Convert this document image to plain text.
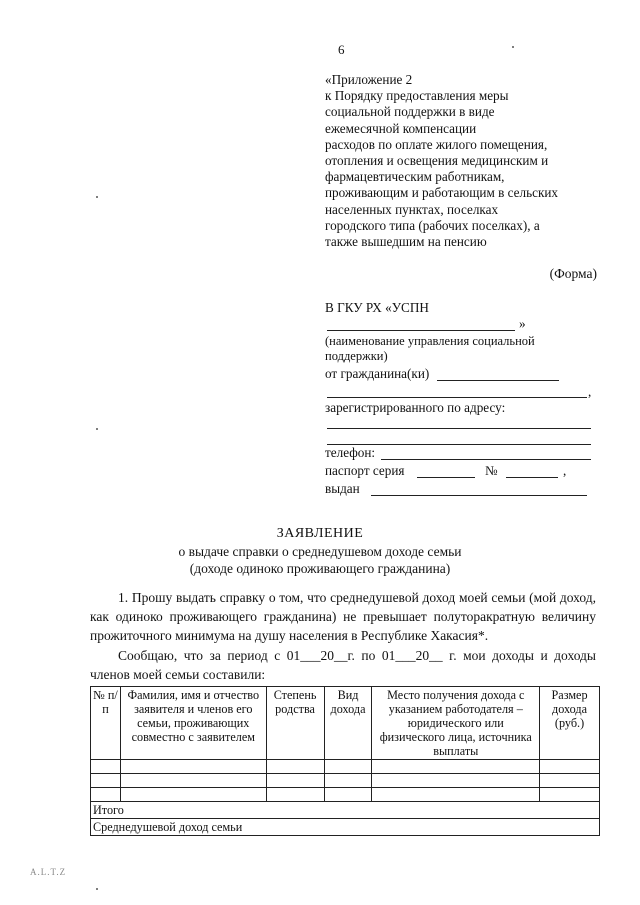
6
«Приложение 2
к Порядку предоставления меры
социальной поддержки в виде
ежемесячной компенсации
расходов по оплате жилого помещения,
отопления и освещения медицинским и
фармацевтическим работникам,
проживающим и работающим в сельских
населенных пунктах, поселках
городского типа (рабочих поселках), а
также вышедшим на пенсию
(Форма)
В ГКУ РХ «УСПН
»
(наименование управления социальной
поддержки)
от гражданина(ки)
,
зарегистрированного по адресу:
телефон:
паспорт серия	№	,
выдан
ЗАЯВЛЕНИЕ
о выдаче справки о среднедушевом доходе семьи
(доходе одиноко проживающего гражданина)
1. Прошу выдать справку о том, что среднедушевой доход моей семьи (мой доход, как одиноко проживающего гражданина) не превышает полуторакратную величину прожиточного минимума на душу населения в Республике Хакасия*.
Сообщаю, что за период с 01___20__г. по 01___20__ г. мои доходы и доходы членов моей семьи составили:
№ п/п	Фамилия, имя и отчество заявителя и членов его семьи, проживающих совместно с заявителем	Степень родства	Вид дохода	Место получения дохода с указанием работодателя – юридического или физического лица, источника выплаты	Размер дохода (руб.)

Итого					
Среднедушевой доход семьи					
A.L.T.Z
